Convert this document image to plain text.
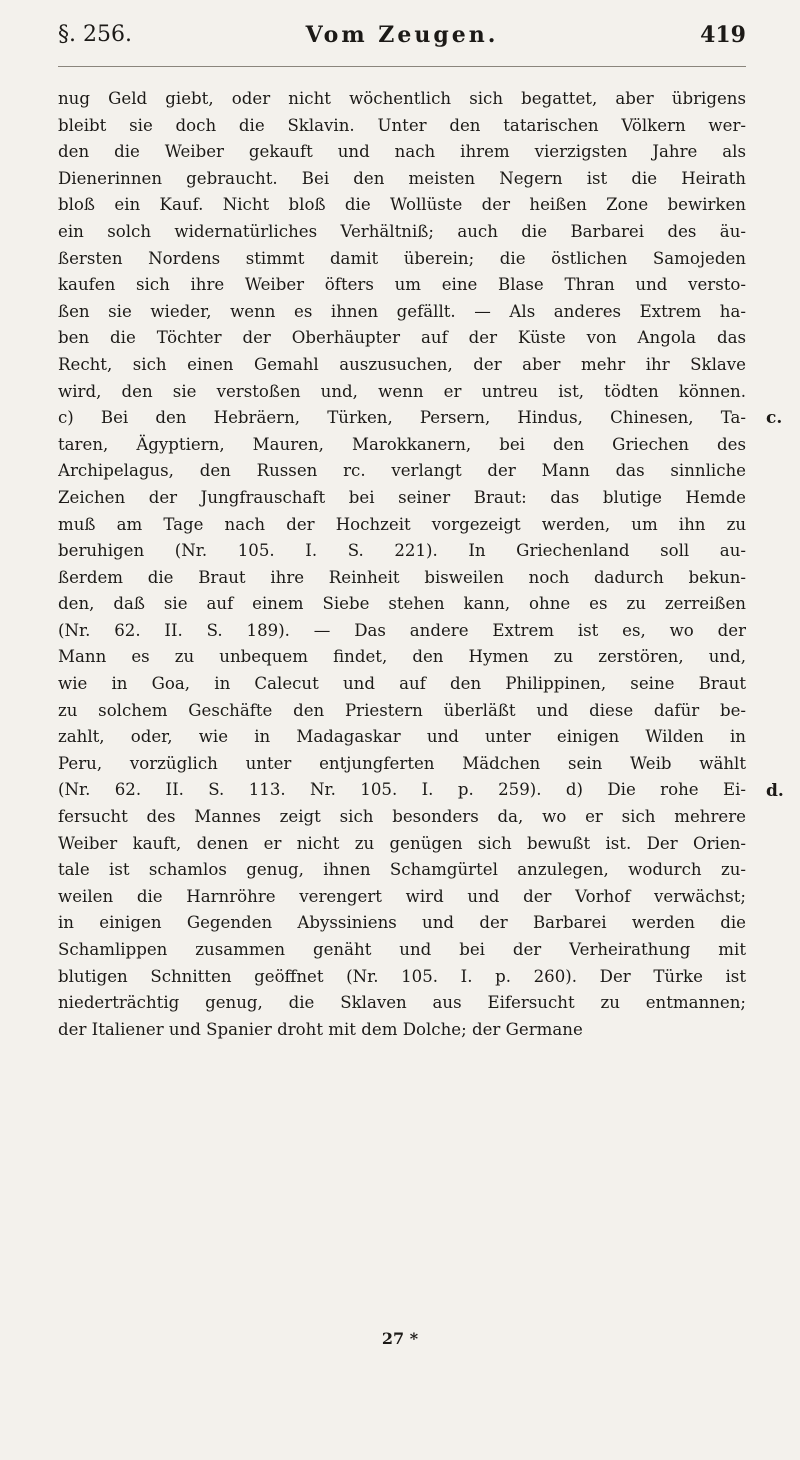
§. 256.	Vom Zeugen.	419
nug Geld giebt, oder nicht wöchentlich sich begattet, aber übrigens
bleibt sie doch die Sklavin. Unter den tatarischen Völkern wer-
den die Weiber gekauft und nach ihrem vierzigsten Jahre als
Dienerinnen gebraucht. Bei den meisten Negern ist die Heirath
bloß ein Kauf. Nicht bloß die Wollüste der heißen Zone bewirken
ein solch widernatürliches Verhältniß; auch die Barbarei des äu-
ßersten Nordens stimmt damit überein; die östlichen Samojeden
kaufen sich ihre Weiber öfters um eine Blase Thran und versto-
ßen sie wieder, wenn es ihnen gefällt. — Als anderes Extrem ha-
ben die Töchter der Oberhäupter auf der Küste von Angola das
Recht, sich einen Gemahl auszusuchen, der aber mehr ihr Sklave
wird, den sie verstoßen und, wenn er untreu ist, tödten können.
c) Bei den Hebräern, Türken, Persern, Hindus, Chinesen, Ta-
taren, Ägyptiern, Mauren, Marokkanern, bei den Griechen des
Archipelagus, den Russen rc. verlangt der Mann das sinnliche
Zeichen der Jungfrauschaft bei seiner Braut: das blutige Hemde
muß am Tage nach der Hochzeit vorgezeigt werden, um ihn zu
beruhigen (Nr. 105. I. S. 221). In Griechenland soll au-
ßerdem die Braut ihre Reinheit bisweilen noch dadurch bekun-
den, daß sie auf einem Siebe stehen kann, ohne es zu zerreißen
(Nr. 62. II. S. 189). — Das andere Extrem ist es, wo der
Mann es zu unbequem findet, den Hymen zu zerstören, und,
wie in Goa, in Calecut und auf den Philippinen, seine Braut
zu solchem Geschäfte den Priestern überläßt und diese dafür be-
zahlt, oder, wie in Madagaskar und unter einigen Wilden in
Peru, vorzüglich unter entjungferten Mädchen sein Weib wählt
(Nr. 62. II. S. 113. Nr. 105. I. p. 259). d) Die rohe Ei-
fersucht des Mannes zeigt sich besonders da, wo er sich mehrere
Weiber kauft, denen er nicht zu genügen sich bewußt ist. Der Orien-
tale ist schamlos genug, ihnen Schamgürtel anzulegen, wodurch zu-
weilen die Harnröhre verengert wird und der Vorhof verwächst;
in einigen Gegenden Abyssiniens und der Barbarei werden die
Schamlippen zusammen genäht und bei der Verheirathung mit
blutigen Schnitten geöffnet (Nr. 105. I. p. 260). Der Türke ist
niederträchtig genug, die Sklaven aus Eifersucht zu entmannen;
der Italiener und Spanier droht mit dem Dolche; der Germane
c.
d.
27 *
